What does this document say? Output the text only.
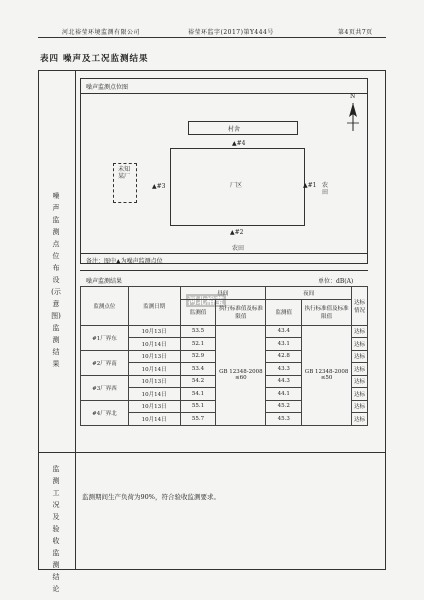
河北裕莹环境监测有限公司	裕莹环监字(2017)第Y444号	第4页共7页
表四 噪声及工况监测结果
噪声监测点位布设(示意图)监测结果
监测工况及验收监测结论
噪声监测点位图
N
村舍
▲#4
厂区
未知某厂
▲#3	▲#1 农田
▲#2
农田
备注：图中▲为噪声监测点位
噪声监测结果	单位：dB(A)
河北裕莹
监测点位	监测日期	昼间		夜间		达标情况
		监测值	执行标准值及标准限值	监测值	执行标准值及标准限值	
#1厂界东	10月13日	53.5	GB 12348-2008 ≤60	43.4	GB 12348-2008 ≤50	达标
	10月14日	52.1		43.1		达标
#2厂界南	10月13日	52.9		42.8		达标
	10月14日	53.4		43.3		达标
#3厂界西	10月13日	54.2		44.3		达标
	10月14日	54.1		44.1		达标
#4厂界北	10月13日	55.1		45.2		达标
	10月14日	55.7		45.3		达标
监测期间生产负荷为90%，符合验收监测要求。
